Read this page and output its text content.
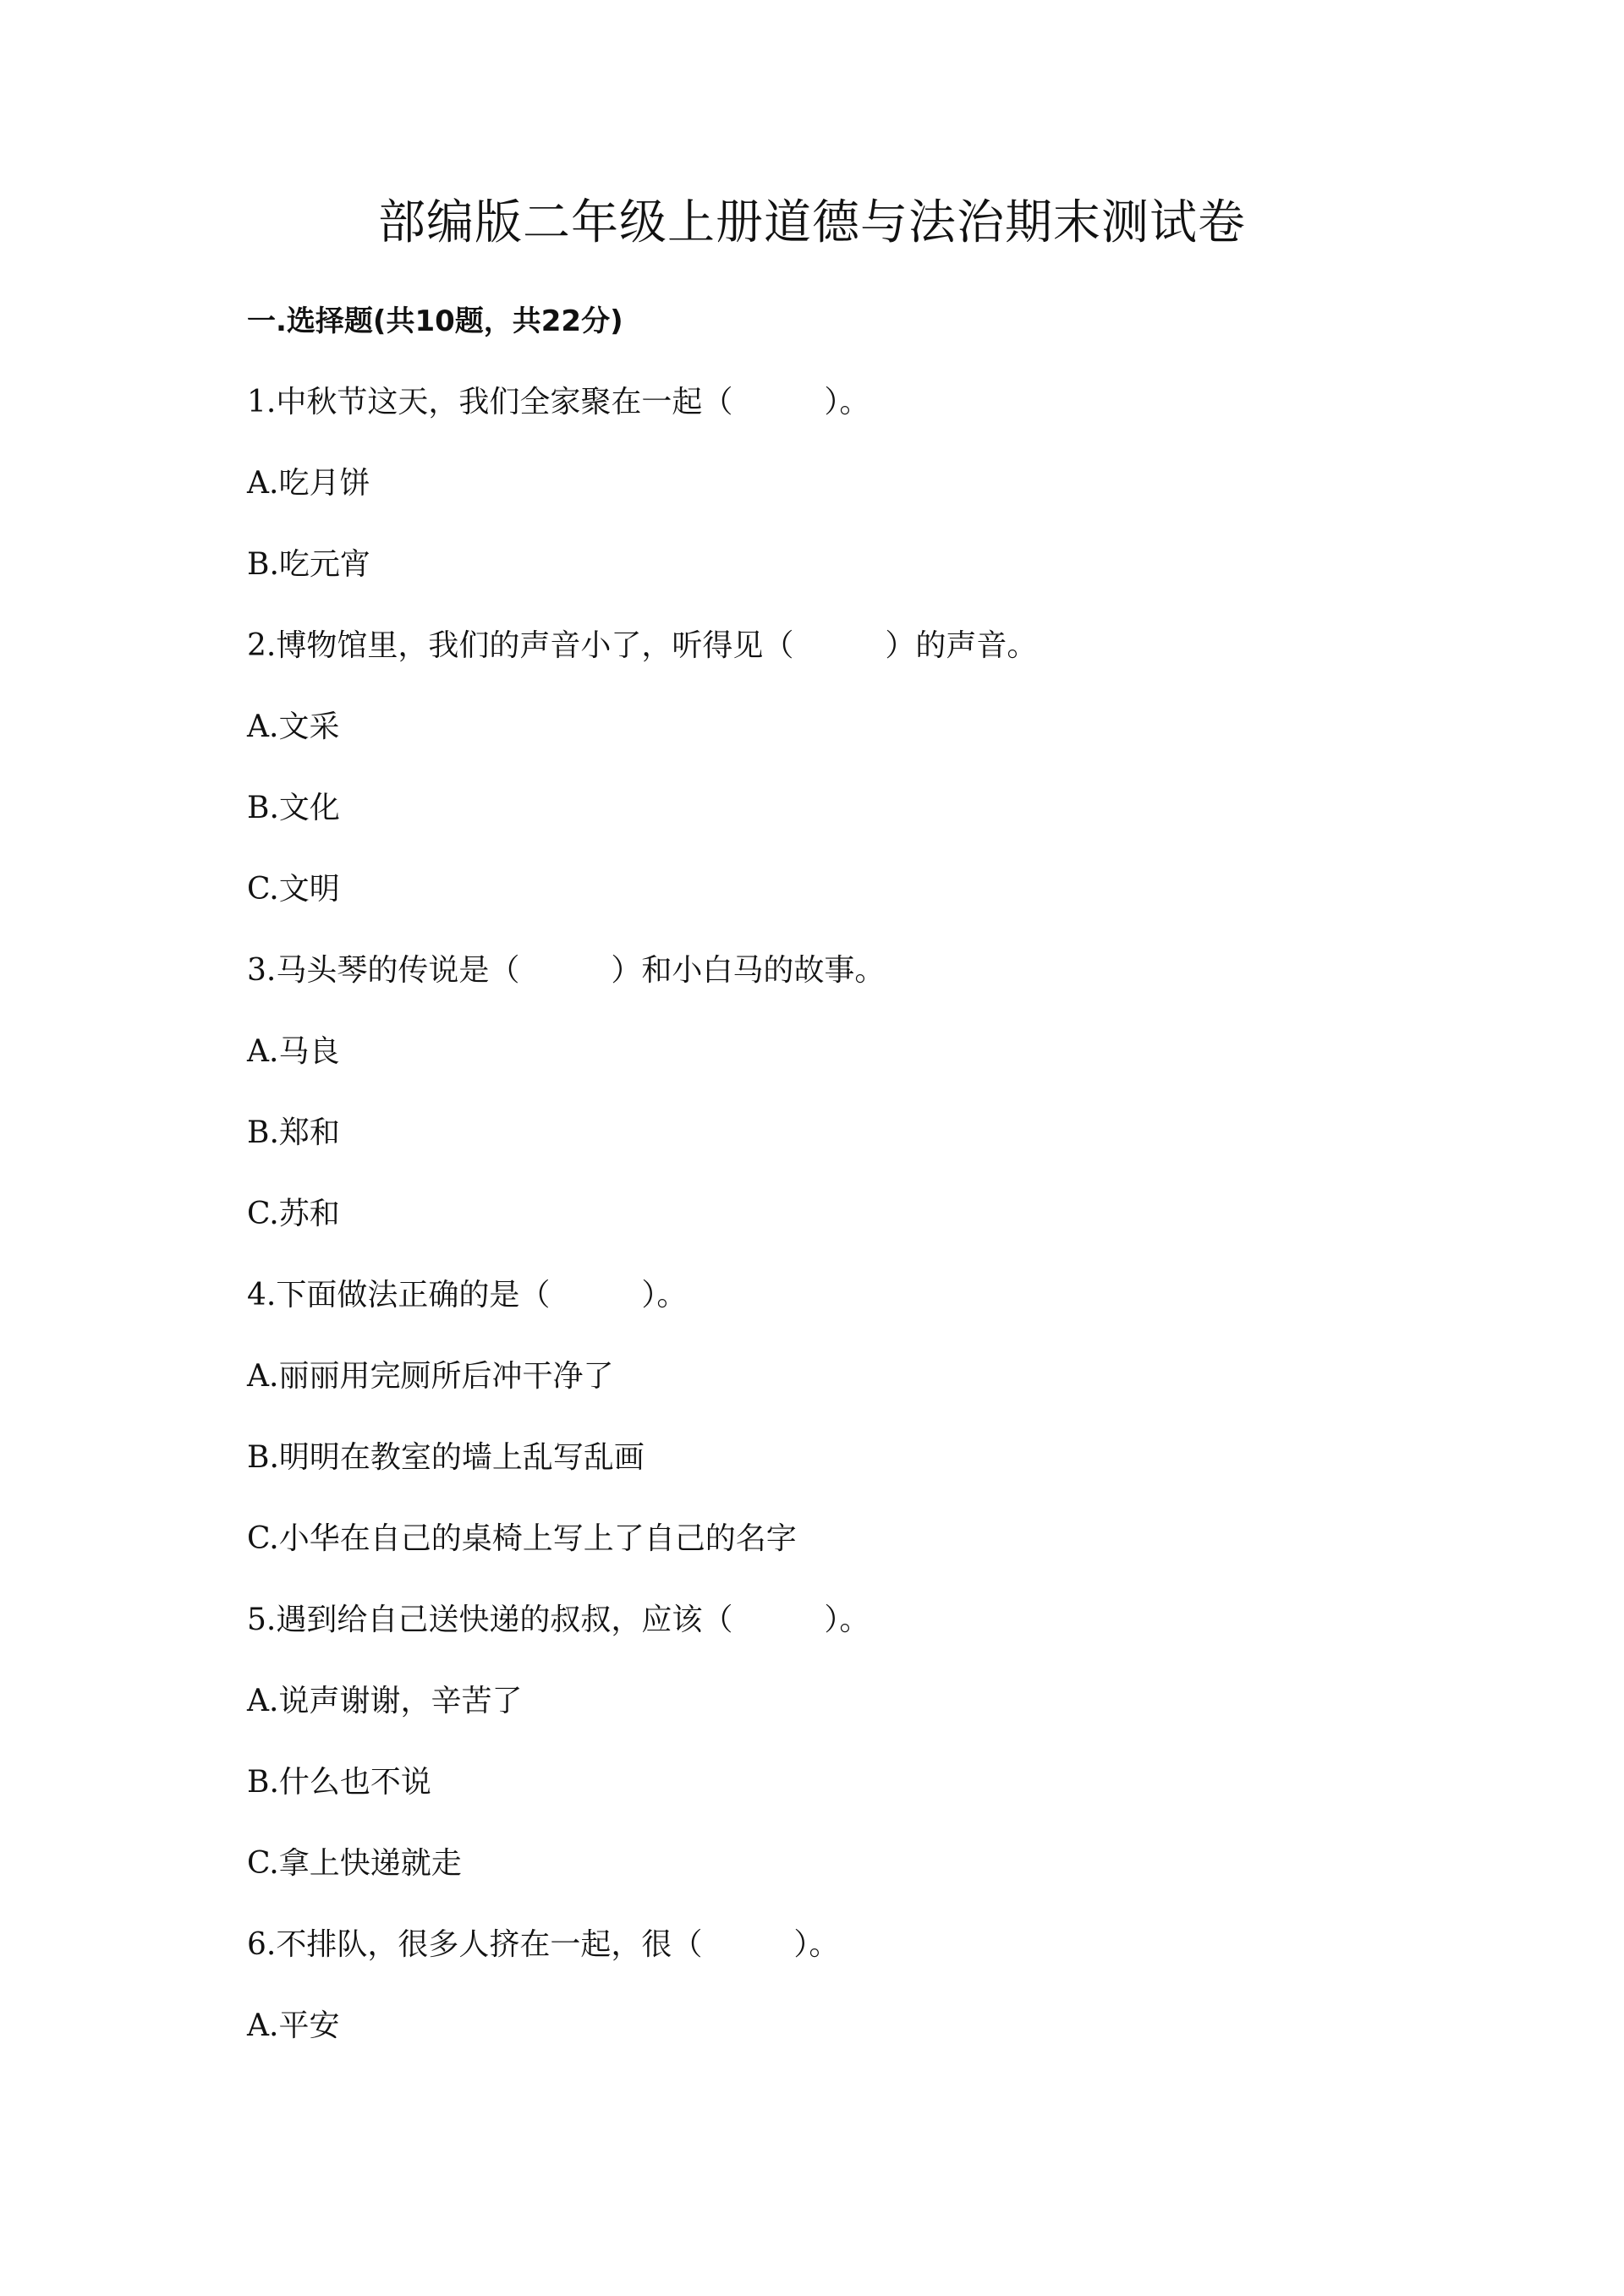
部编版二年级上册道德与法治期末测试卷
一.选择题(共10题，共22分)
1.中秋节这天，我们全家聚在一起（　　　）。
A.吃月饼
B.吃元宵
2.博物馆里，我们的声音小了，听得见（　　　）的声音。
A.文采
B.文化
C.文明
3.马头琴的传说是（　　　）和小白马的故事。
A.马良
B.郑和
C.苏和
4.下面做法正确的是（　　　）。
A.丽丽用完厕所后冲干净了
B.明明在教室的墙上乱写乱画
C.小华在自己的桌椅上写上了自己的名字
5.遇到给自己送快递的叔叔，应该（　　　）。
A.说声谢谢，辛苦了
B.什么也不说
C.拿上快递就走
6.不排队，很多人挤在一起，很（　　　）。
A.平安
